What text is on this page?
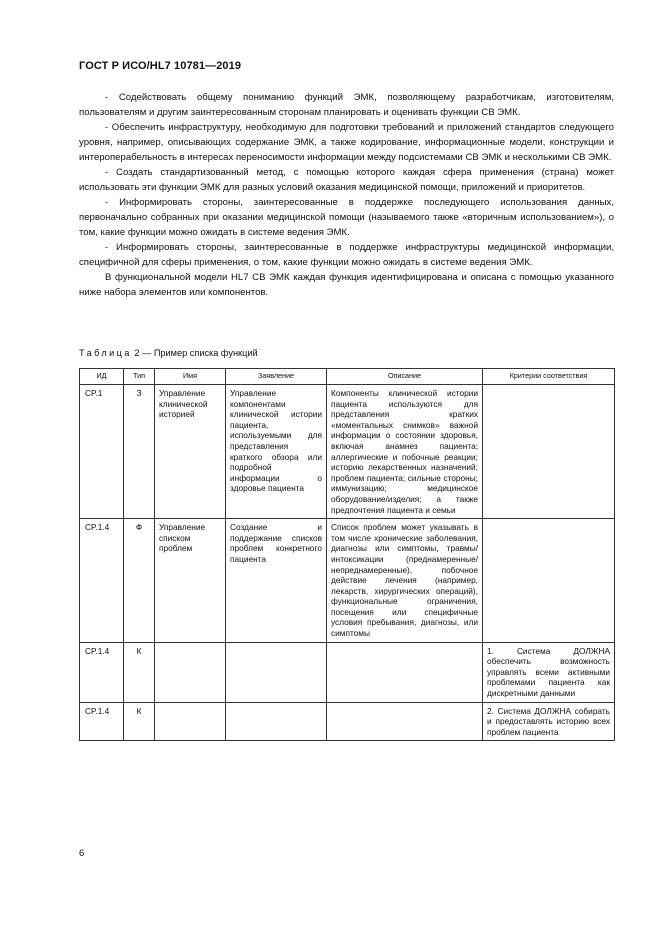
ГОСТ Р ИСО/HL7 10781—2019

- Содействовать общему пониманию функций ЭМК, позволяющему разработчикам, изготовителям, пользователям и другим заинтересованным сторонам планировать и оценивать функции СВ ЭМК.

- Обеспечить инфраструктуру, необходимую для подготовки требований и приложений стандартов следующего уровня, например, описывающих содержание ЭМК, а также кодирование, информационные модели, конструкции и интероперабельность в интересах переносимости информации между подсистемами СВ ЭМК и несколькими СВ ЭМК.

- Создать стандартизованный метод, с помощью которого каждая сфера применения (страна) может использовать эти функции ЭМК для разных условий оказания медицинской помощи, приложений и приоритетов.

- Информировать стороны, заинтересованные в поддержке последующего использования данных, первоначально собранных при оказании медицинской помощи (называемого также «вторичным использованием»), о том, какие функции можно ожидать в системе ведения ЭМК.

- Информировать стороны, заинтересованные в поддержке инфраструктуры медицинской информации, специфичной для сферы применения, о том, какие функции можно ожидать в системе ведения ЭМК.

В функциональной модели HL7 СВ ЭМК каждая функция идентифицирована и описана с помощью указанного ниже набора элементов или компонентов.

Таблица 2 — Пример списка функций
ИД	Тип	Имя	Заявление	Описание	Критерии соответствия
CP.1	З	Управление клинической историей	Управление компонентами клинической истории пациента, используемыми для представления краткого обзора или подробной информации о здоровье пациента	Компоненты клинической истории пациента используются для представления кратких «моментальных снимков» важной информации о состоянии здоровья, включая анамнез пациента; аллергические и побочные реакции; историю лекарственных назначений; проблем пациента; сильные стороны; иммунизацию; медицинское оборудование/изделия; а также предпочтения пациента и семьи	
CP.1.4	Ф	Управление списком проблем	Создание и поддержание списков проблем конкретного пациента	Список проблем может указывать в том числе хронические заболевания, диагнозы или симптомы, травмы/интоксикации (преднамеренные/непреднамеренные), побочное действие лечения (например, лекарств, хирургических операций), функциональные ограничения, посещения или специфичные условия пребывания, диагнозы, или симптомы	
CP.1.4	К				1. Система ДОЛЖНА обеспечить возможность управлять всеми активными проблемами пациента как дискретными данными
CP.1.4	К				2. Система ДОЛЖНА собирать и предоставлять историю всех проблем пациента
6
